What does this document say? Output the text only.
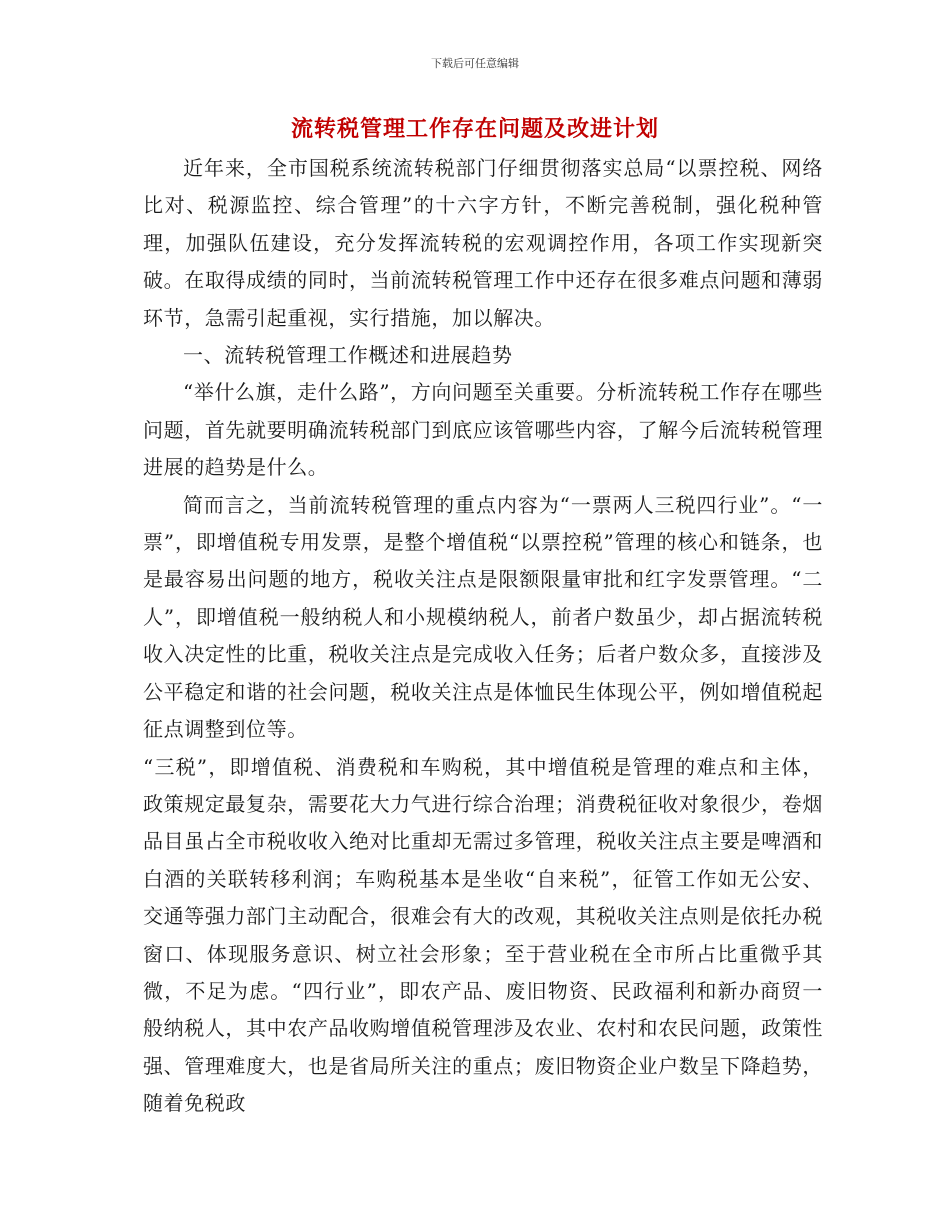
下载后可任意编辑
流转税管理工作存在问题及改进计划

近年来，全市国税系统流转税部门仔细贯彻落实总局“以票控税、网络比对、税源监控、综合管理”的十六字方针，不断完善税制，强化税种管理，加强队伍建设，充分发挥流转税的宏观调控作用，各项工作实现新突破。在取得成绩的同时，当前流转税管理工作中还存在很多难点问题和薄弱环节，急需引起重视，实行措施，加以解决。

一、流转税管理工作概述和进展趋势

“举什么旗，走什么路”，方向问题至关重要。分析流转税工作存在哪些问题，首先就要明确流转税部门到底应该管哪些内容，了解今后流转税管理进展的趋势是什么。

简而言之，当前流转税管理的重点内容为“一票两人三税四行业”。“一票”，即增值税专用发票，是整个增值税“以票控税”管理的核心和链条，也是最容易出问题的地方，税收关注点是限额限量审批和红字发票管理。“二人”，即增值税一般纳税人和小规模纳税人，前者户数虽少，却占据流转税收入决定性的比重，税收关注点是完成收入任务；后者户数众多，直接涉及公平稳定和谐的社会问题，税收关注点是体恤民生体现公平，例如增值税起征点调整到位等。

“三税”，即增值税、消费税和车购税，其中增值税是管理的难点和主体，政策规定最复杂，需要花大力气进行综合治理；消费税征收对象很少，卷烟品目虽占全市税收收入绝对比重却无需过多管理，税收关注点主要是啤酒和白酒的关联转移利润；车购税基本是坐收“自来税”，征管工作如无公安、交通等强力部门主动配合，很难会有大的改观，其税收关注点则是依托办税窗口、体现服务意识、树立社会形象；至于营业税在全市所占比重微乎其微，不足为虑。“四行业”，即农产品、废旧物资、民政福利和新办商贸一般纳税人，其中农产品收购增值税管理涉及农业、农村和农民问题，政策性强、管理难度大，也是省局所关注的重点；废旧物资企业户数呈下降趋势，随着免税政
